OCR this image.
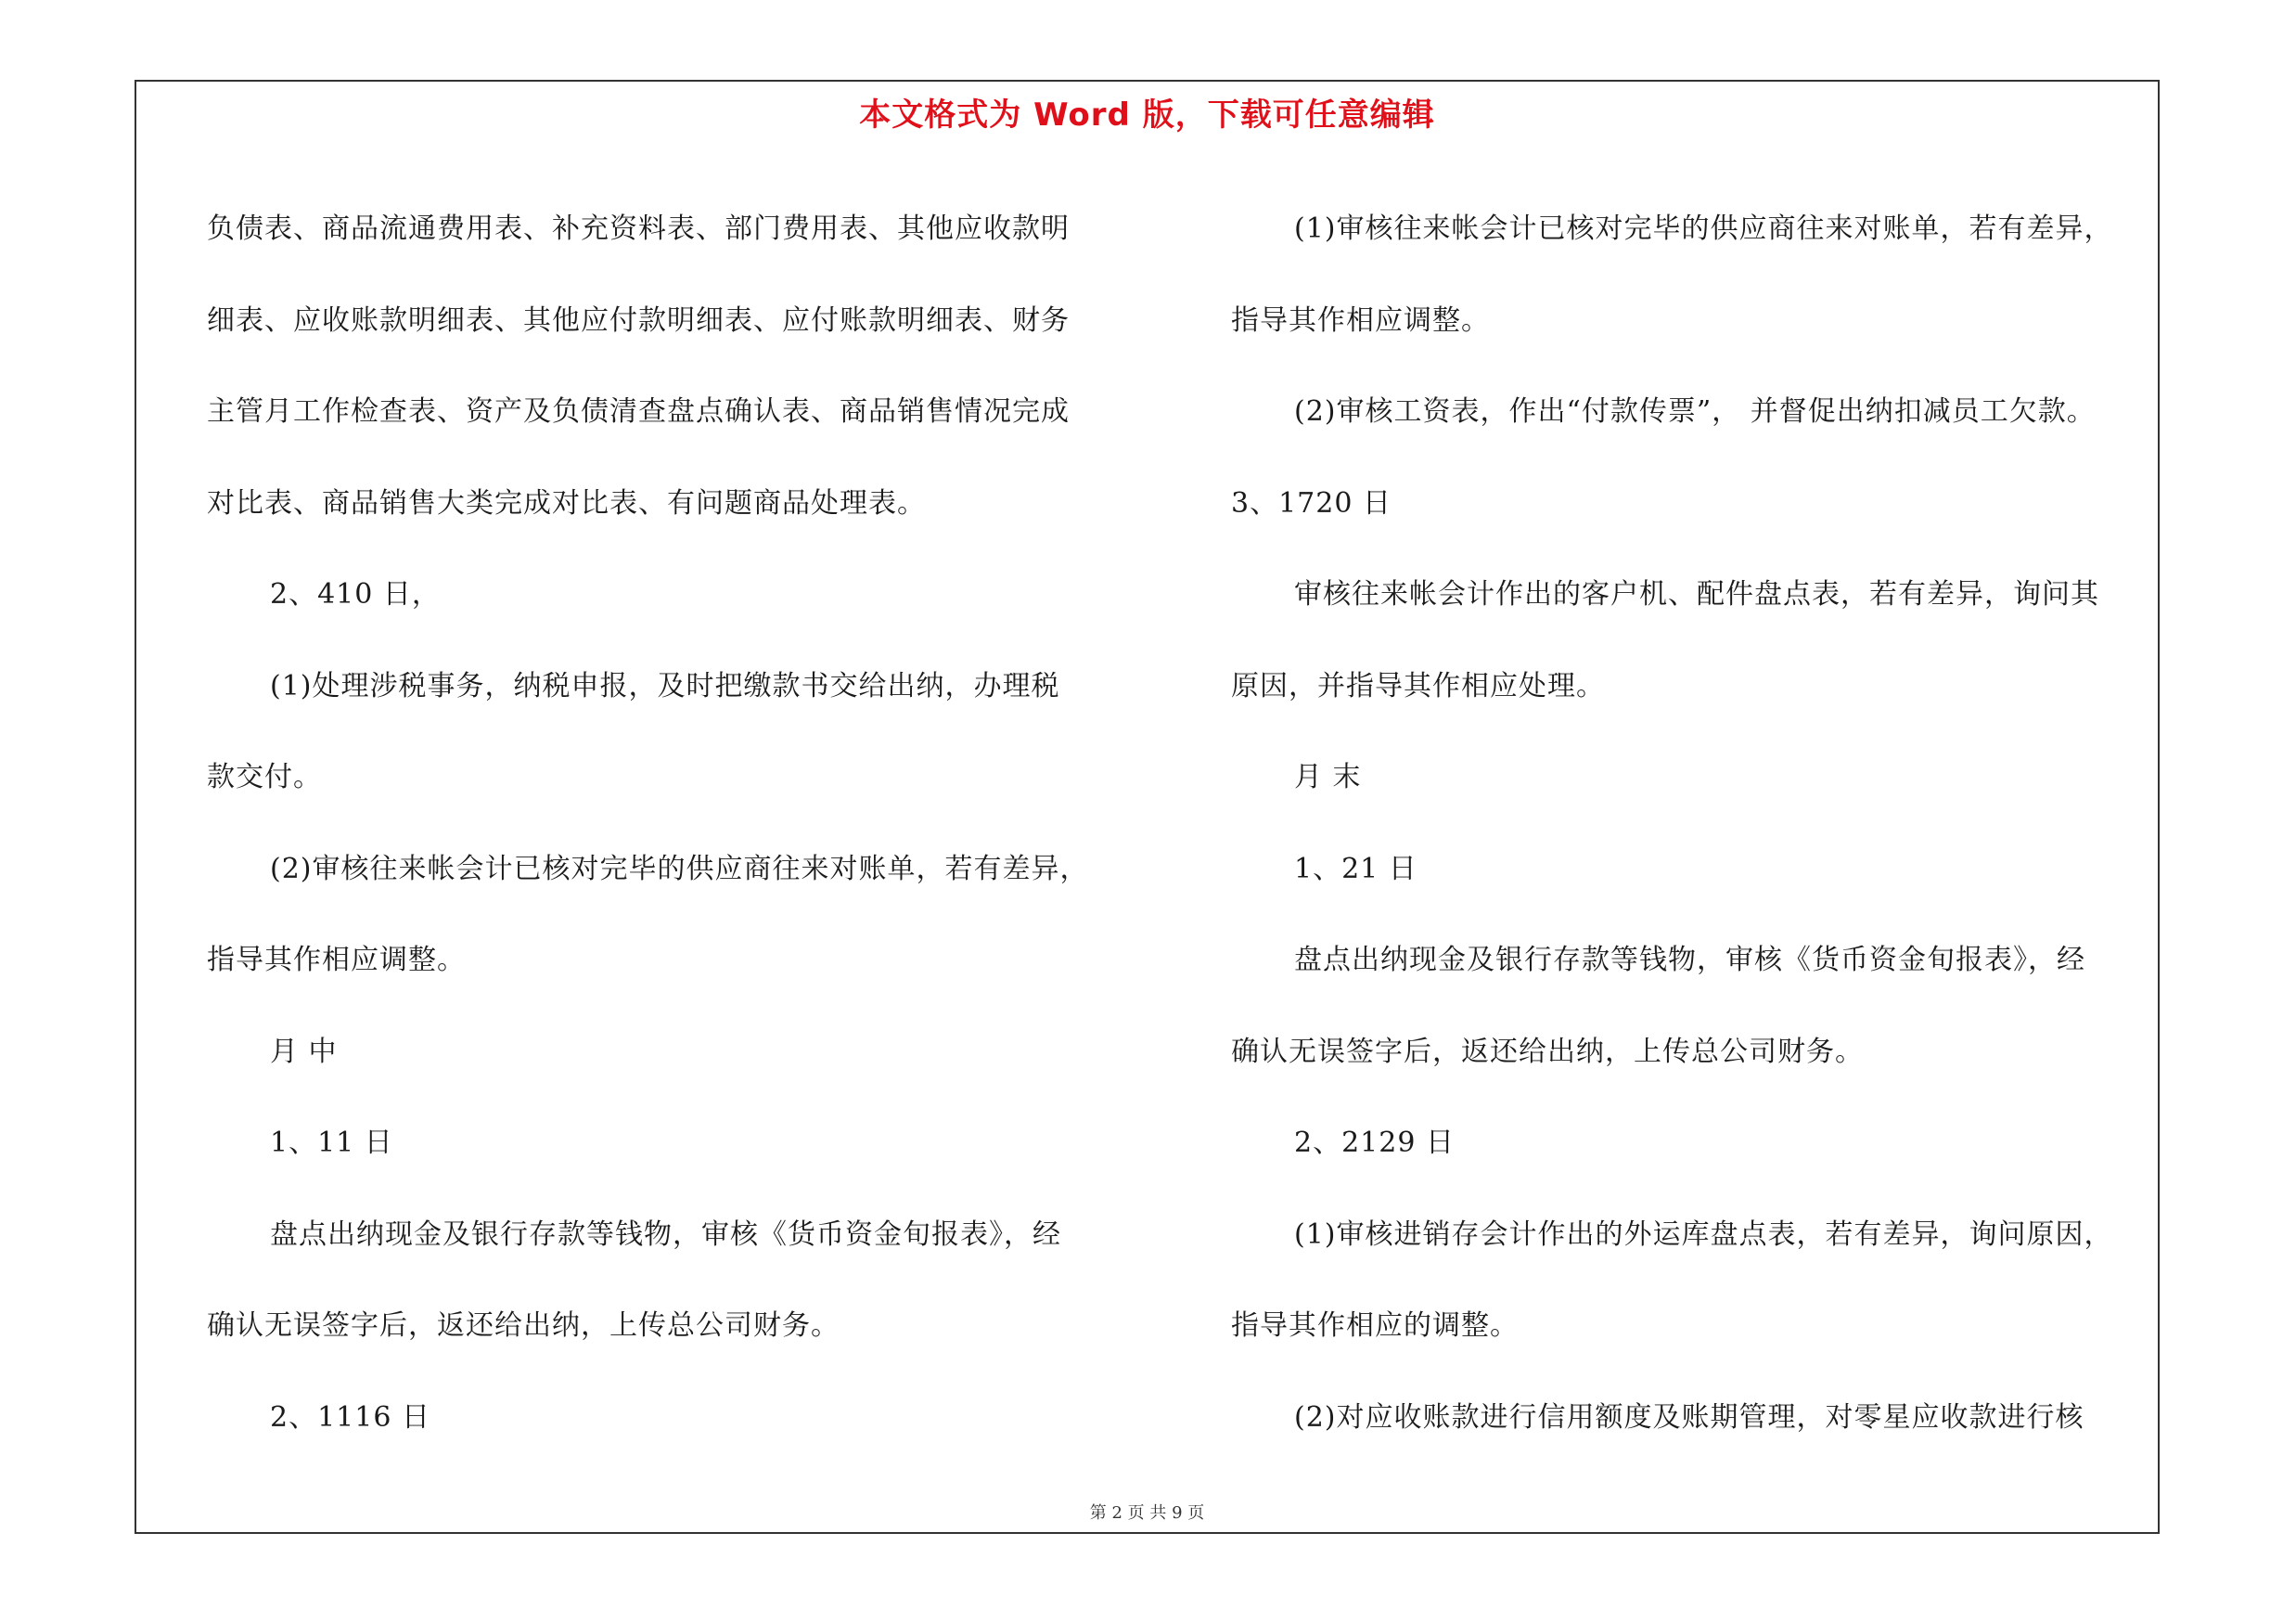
本文格式为 Word 版，下载可任意编辑
负债表、商品流通费用表、补充资料表、部门费用表、其他应收款明
细表、应收账款明细表、其他应付款明细表、应付账款明细表、财务
主管月工作检查表、资产及负债清查盘点确认表、商品销售情况完成
对比表、商品销售大类完成对比表、有问题商品处理表。
2、410 日，
(1)处理涉税事务，纳税申报，及时把缴款书交给出纳，办理税
款交付。
(2)审核往来帐会计已核对完毕的供应商往来对账单，若有差异，
指导其作相应调整。
月 中
1、11 日
盘点出纳现金及银行存款等钱物，审核《货币资金旬报表》，经
确认无误签字后，返还给出纳，上传总公司财务。
2、1116 日
(1)审核往来帐会计已核对完毕的供应商往来对账单，若有差异，
指导其作相应调整。
(2)审核工资表，作出“付款传票”， 并督促出纳扣减员工欠款。
3、1720 日
审核往来帐会计作出的客户机、配件盘点表，若有差异，询问其
原因，并指导其作相应处理。
月 末
1、21 日
盘点出纳现金及银行存款等钱物，审核《货币资金旬报表》，经
确认无误签字后，返还给出纳，上传总公司财务。
2、2129 日
(1)审核进销存会计作出的外运库盘点表，若有差异，询问原因，
指导其作相应的调整。
(2)对应收账款进行信用额度及账期管理，对零星应收款进行核
第 2 页 共 9 页
